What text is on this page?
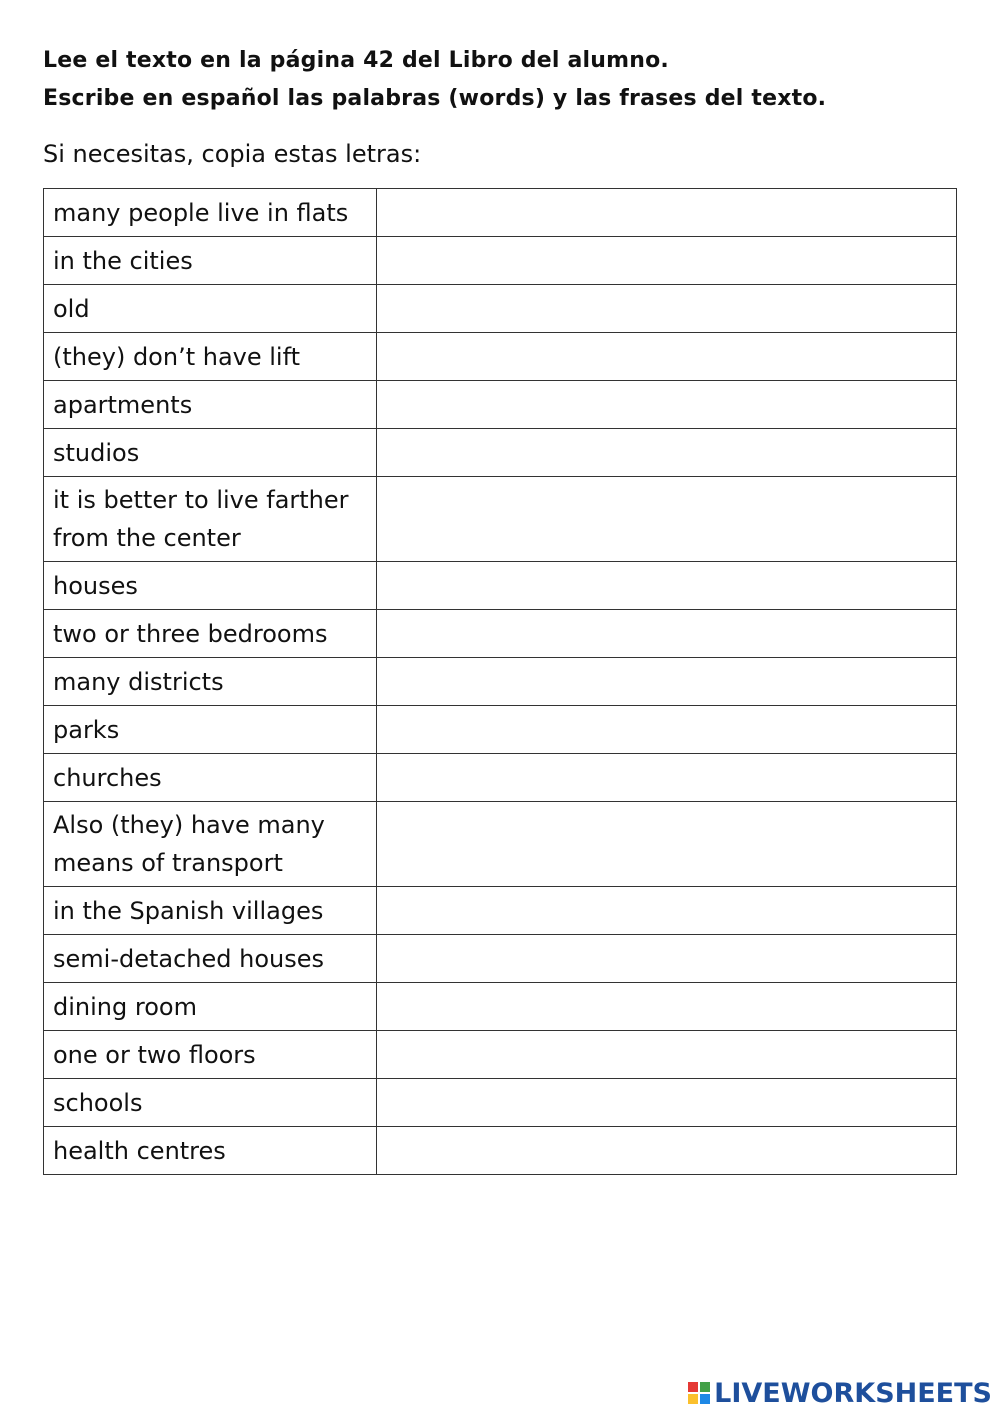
Lee el texto en la página 42 del Libro del alumno.
Escribe en español las palabras (words) y las frases del texto.
Si necesitas, copia estas letras:
many people live in flats	
in the cities	
old	
(they) don’t have lift	
apartments	
studios	
it is better to live farther from the center	
houses	
two or three bedrooms	
many districts	
parks	
churches	
Also (they) have many means of transport	
in the Spanish villages	
semi-detached houses	
dining room	
one or two floors	
schools	
health centres	
LIVEWORKSHEETS
